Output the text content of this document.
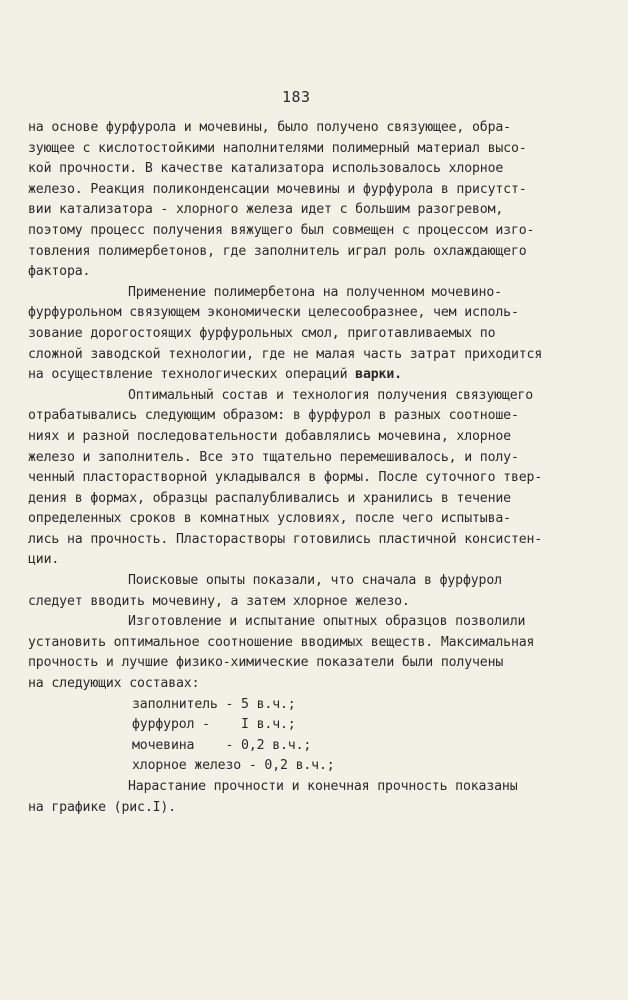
183
на основе фурфурола и мочевины, было получено связующее, обра-
зующее с кислотостойкими наполнителями полимерный материал высо-
кой прочности. В качестве катализатора использовалось хлорное
железо. Реакция поликонденсации мочевины и фурфурола в присутст-
вии катализатора - хлорного железа идет с большим разогревом,
поэтому процесс получения вяжущего был совмещен с процессом изго-
товления полимербетонов, где заполнитель играл роль охлаждающего
фактора.
Применение полимербетона на полученном мочевино-
фурфурольном связующем экономически целесообразнее, чем исполь-
зование дорогостоящих фурфурольных смол, приготавливаемых по
сложной заводской технологии, где не малая часть затрат приходится
на осуществление технологических операций варки.
Оптимальный состав и технология получения связующего
отрабатывались следующим образом: в фурфурол в разных соотноше-
ниях и разной последовательности добавлялись мочевина, хлорное
железо и заполнитель. Все это тщательно перемешивалось, и полу-
ченный пласторастворной укладывался в формы. После суточного твер-
дения в формах, образцы распалубливались и хранились в течение
определенных сроков в комнатных условиях, после чего испытыва-
лись на прочность. Пласторастворы готовились пластичной консистен-
ции.
Поисковые опыты показали, что сначала в фурфурол
следует вводить мочевину, а затем хлорное железо.
Изготовление и испытание опытных образцов позволили
установить оптимальное соотношение вводимых веществ. Максимальная
прочность и лучшие физико-химические показатели были получены
на следующих составах:
заполнитель - 5 в.ч.;
фурфурол -    I в.ч.;
мочевина    - 0,2 в.ч.;
хлорное железо - 0,2 в.ч.;
Нарастание прочности и конечная прочность показаны
на графике (рис.I).
